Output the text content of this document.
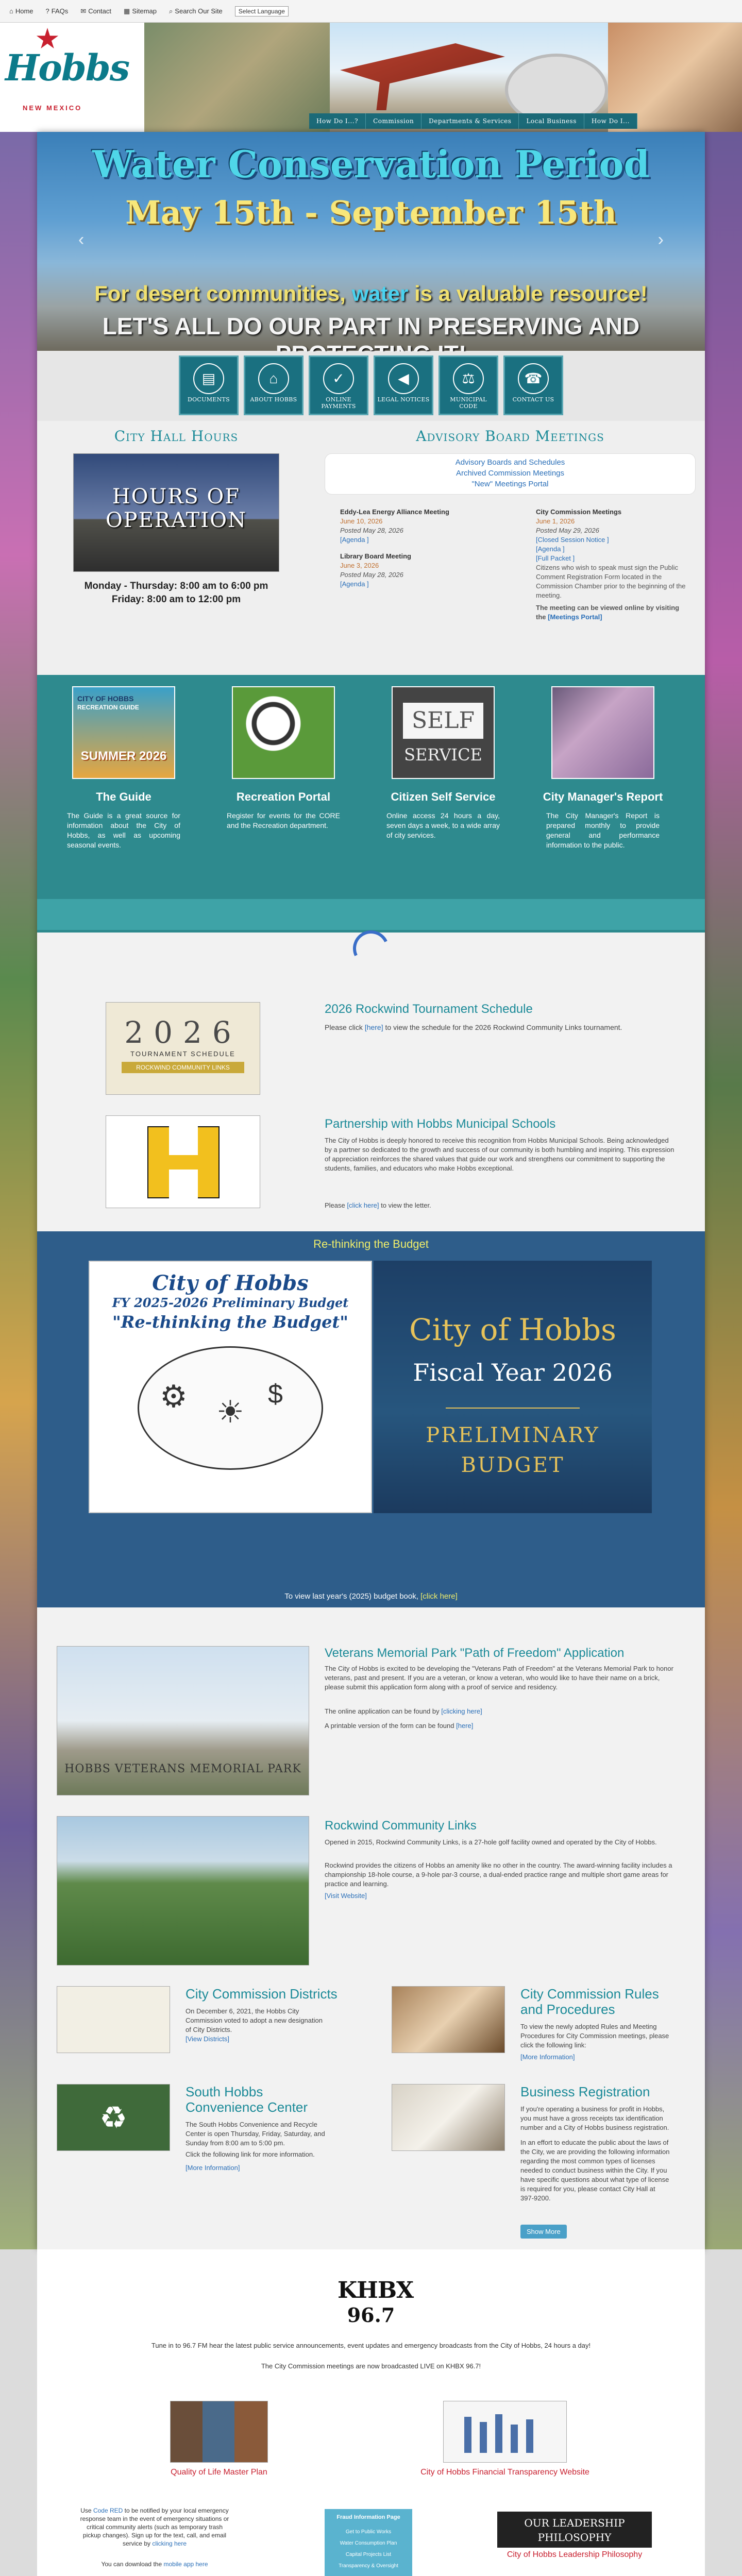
⌂ Home ? FAQs ✉ Contact ▦ Sitemap ⌕ Search Our Site	Select Language
Hobbs
NEW MEXICO
How Do I...?	Commission	Departments & Services	Local Business	How Do I...
Water Conservation Period
May 15th - September 15th
For desert communities, water is a valuable resource!
LET'S ALL DO OUR PART IN PRESERVING AND
‹	›
▤
DOCUMENTS
⌂
ABOUT HOBBS
✓
ONLINE PAYMENTS
◀
LEGAL NOTICES
⚖
MUNICIPAL CODE
☎
CONTACT US
City Hall Hours
HOURS OF
OPERATION
Monday - Thursday: 8:00 am to 6:00 pm
Friday: 8:00 am to 12:00 pm
Advisory Board Meetings
Advisory Boards and Schedules
Archived Commission Meetings
"New" Meetings Portal
Eddy-Lea Energy Alliance Meeting
June 10, 2026
Posted May 28, 2026
[Agenda ]
Library Board Meeting
June 3, 2026
Posted May 28, 2026
[Agenda ]
City Commission Meetings
June 1, 2026
Posted May 29, 2026
[Closed Session Notice ]
[Agenda ]
[Full Packet ]
Citizens who wish to speak must sign the Public Comment Registration Form located in the Commission Chamber prior to the beginning of the meeting.
The meeting can be viewed online by visiting the [Meetings Portal]
CITY OF HOBBS
RECREATION GUIDE
SUMMER 2026
The Guide
The Guide is a great source for information about the City of Hobbs, as well as upcoming seasonal events.
Recreation Portal
Register for events for the CORE and the Recreation department.
SELF
SERVICE
Citizen Self Service
Online access 24 hours a day, seven days a week, to a wide array of city services.
City Manager's Report
The City Manager's Report is prepared monthly to provide general and performance information to the public.
2026
TOURNAMENT SCHEDULE
ROCKWIND COMMUNITY LINKS
2026 Rockwind Tournament Schedule
Please click [here] to view the schedule for the 2026 Rockwind Community Links tournament.
Partnership with Hobbs Municipal Schools
The City of Hobbs is deeply honored to receive this recognition from Hobbs Municipal Schools. Being acknowledged by a partner so dedicated to the growth and success of our community is both humbling and inspiring. This expression of appreciation reinforces the shared values that guide our work and strengthens our commitment to supporting the students, families, and educators who make Hobbs exceptional.
Please [click here] to view the letter.
Re-thinking the Budget
To view last year's (2025) budget book, [click here]
City of Hobbs
FY 2025-2026 Preliminary Budget
"Re-thinking the Budget"
⚙ ☀
$
City of Hobbs
Fiscal Year 2026
PRELIMINARY
BUDGET
HOBBS VETERANS MEMORIAL PARK
Veterans Memorial Park "Path of Freedom" Application
The City of Hobbs is excited to be developing the "Veterans Path of Freedom" at the Veterans Memorial Park to honor veterans, past and present. If you are a veteran, or know a veteran, who would like to have their name on a brick, please submit this application form along with a proof of service and residency.
The online application can be found by [clicking here]
A printable version of the form can be found [here]
Rockwind Community Links
Opened in 2015, Rockwind Community Links, is a 27-hole golf facility owned and operated by the City of Hobbs.
Rockwind provides the citizens of Hobbs an amenity like no other in the country. The award-winning facility includes a championship 18-hole course, a 9-hole par-3 course, a dual-ended practice range and multiple short game areas for practice and learning.
[Visit Website]
City Commission Districts
On December 6, 2021, the Hobbs City Commission voted to adopt a new designation of City Districts.
[View Districts]
City Commission Rules and Procedures
To view the newly adopted Rules and Meeting Procedures for City Commission meetings, please click the following link:
[More Information]
♻
South Hobbs Convenience Center
The South Hobbs Convenience and Recycle Center is open Thursday, Friday, Saturday, and Sunday from 8:00 am to 5:00 pm.
Click the following link for more information.
[More Information]
Business Registration
If you're operating a business for profit in Hobbs, you must have a gross receipts tax identification number and a City of Hobbs business registration.
In an effort to educate the public about the laws of the City, we are providing the following information regarding the most common types of licenses needed to conduct business within the City. If you have specific questions about what type of license is required for you, please contact City Hall at 397-9200.
Show More
KHBX
96.7
Tune in to 96.7 FM hear the latest public service announcements, event updates and emergency broadcasts from the City of Hobbs, 24 hours a day!
The City Commission meetings are now broadcasted LIVE on KHBX 96.7!
Quality of Life Master Plan	City of Hobbs Financial Transparency Website
Use Code RED to be notified by your local emergency response team in the event of emergency situations or critical community alerts (such as temporary trash pickup changes). Sign up for the text, call, and email service by clicking here
You can download the mobile app here
Fraud Information Page
Get to Public Works
Water Consumption Plan
Capital Projects List
Transparency & Oversight
OUR LEADERSHIP PHILOSOPHY
City of Hobbs Leadership Philosophy
